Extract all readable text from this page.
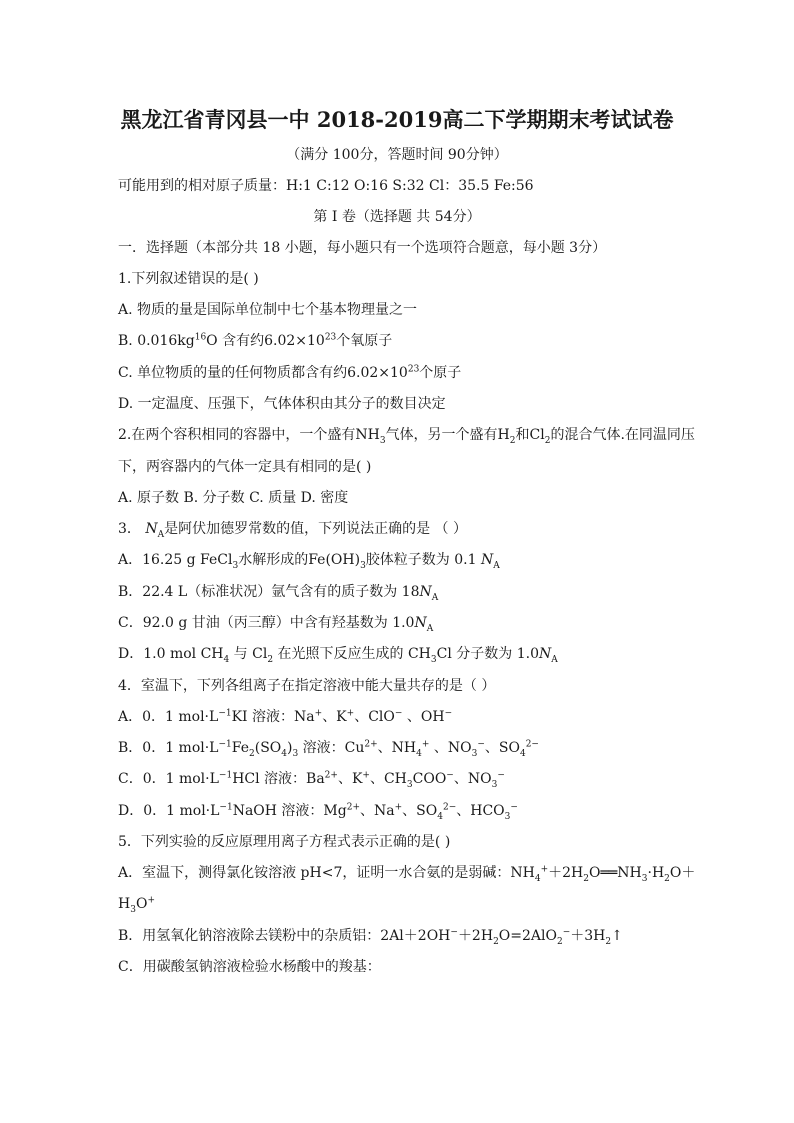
黑龙江省青冈县一中 2018-2019高二下学期期末考试试卷
（满分 100分，答题时间 90分钟）
可能用到的相对原子质量：H:1 C:12 O:16 S:32 Cl：35.5 Fe:56
第 I 卷（选择题 共 54分）
一．选择题（本部分共 18 小题，每小题只有一个选项符合题意，每小题 3分）
1.下列叙述错误的是( )
A. 物质的量是国际单位制中七个基本物理量之一
B. $0.016kg^{16}O$ 含有约$6.02\times 10^{23}$个氧原子
C. 单位物质的量的任何物质都含有约$6.02\times 10^{23}$个原子
D. 一定温度、压强下，气体体积由其分子的数目决定
2.在两个容积相同的容器中，一个盛有$NH_3$气体，另一个盛有$H_2$和$Cl_2$的混合气体.在同温同压
下，两容器内的气体一定具有相同的是( )
A. 原子数 B. 分子数 C. 质量 D. 密度
3． $N_A$是阿伏加德罗常数的值，下列说法正确的是 （ ）
A．16.25 g FeCl$_3$水解形成的$Fe(OH)_3$胶体粒子数为 0.1 $N_A$
B．22.4 L（标准状况）氩气含有的质子数为 $18N_A$
C．92.0 g 甘油（丙三醇）中含有羟基数为 $1.0N_A$
D．1.0 mol $CH_4$ 与 $Cl_2$ 在光照下反应生成的 $CH_3Cl$ 分子数为 $1.0N_A$
4．室温下，下列各组离子在指定溶液中能大量共存的是（ ）
A．0．1 $mol\cdot L^{-1}KI$ 溶液：Na+、K+、ClO− 、OH−
B．0．1 $mol\cdot L^{-1}Fe_2(SO_4)_3$ 溶液：$Cu^{2+}$、$NH_4^+$ 、$NO_3^-$、$SO_4^{2-}$
C．0．1 $mol\cdot L^{-1}HCl$ 溶液：$Ba^{2+}$、K+、$CH_3COO^-$、$NO_3^-$
D．0．1 $mol\cdot L^{-1}NaOH$ 溶液：$Mg^{2+}$、Na+、$SO_4^{2-}$、$HCO_3^-$
5．下列实验的反应原理用离子方程式表示正确的是( )
A．室温下，测得氯化铵溶液 pH<7，证明一水合氨的是弱碱：$NH_4^++2H_2O══NH_3\cdot H_2O+$
$H_3O^+$
B．用氢氧化钠溶液除去镁粉中的杂质铝：$2Al+2OH^-+2H_2O=2AlO_2^-+3H_2↑$
C．用碳酸氢钠溶液检验水杨酸中的羧基：
